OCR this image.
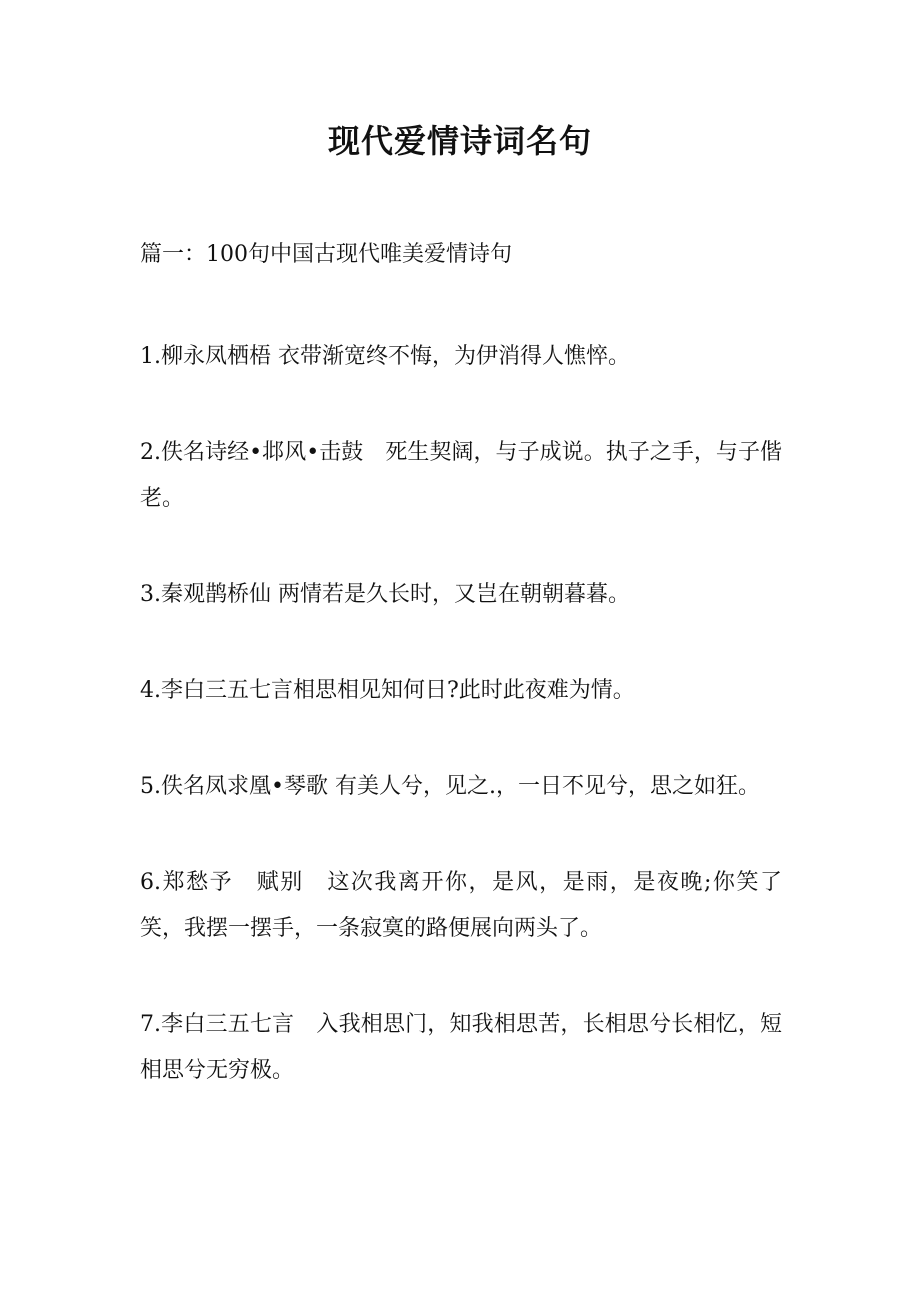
现代爱情诗词名句
篇一：100句中国古现代唯美爱情诗句
1.柳永凤栖梧 衣带渐宽终不悔，为伊消得人憔悴。
2.佚名诗经•邶风•击鼓　死生契阔，与子成说。执子之手，与子偕老。
3.秦观鹊桥仙 两情若是久长时，又岂在朝朝暮暮。
4.李白三五七言相思相见知何日?此时此夜难为情。
5.佚名凤求凰•琴歌 有美人兮，见之.，一日不见兮，思之如狂。
6.郑愁予　赋别　这次我离开你，是风，是雨，是夜晚;你笑了笑，我摆一摆手，一条寂寞的路便展向两头了。
7.李白三五七言　入我相思门，知我相思苦，长相思兮长相忆，短相思兮无穷极。
